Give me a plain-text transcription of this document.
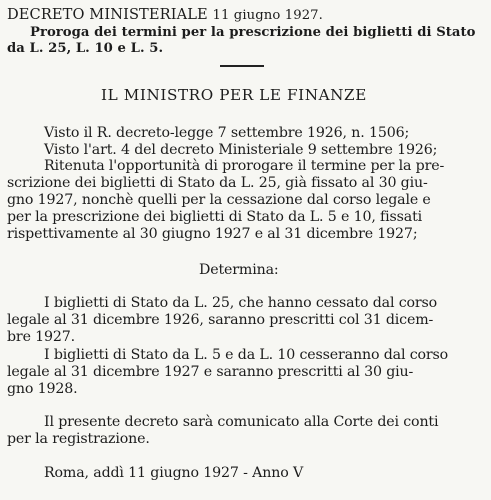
DECRETO MINISTERIALE 11 giugno 1927.
Proroga dei termini per la prescrizione dei biglietti di Stato
da L. 25, L. 10 e L. 5.
IL MINISTRO PER LE FINANZE
Visto il R. decreto-legge 7 settembre 1926, n. 1506;
Visto l'art. 4 del decreto Ministeriale 9 settembre 1926;
Ritenuta l'opportunità di prorogare il termine per la pre-
scrizione dei biglietti di Stato da L. 25, già fissato al 30 giu-
gno 1927, nonchè quelli per la cessazione dal corso legale e
per la prescrizione dei biglietti di Stato da L. 5 e 10, fissati
rispettivamente al 30 giugno 1927 e al 31 dicembre 1927;
Determina:
I biglietti di Stato da L. 25, che hanno cessato dal corso
legale al 31 dicembre 1926, saranno prescritti col 31 dicem-
bre 1927.
I biglietti di Stato da L. 5 e da L. 10 cesseranno dal corso
legale al 31 dicembre 1927 e saranno prescritti al 30 giu-
gno 1928.
Il presente decreto sarà comunicato alla Corte dei conti
per la registrazione.
Roma, addì 11 giugno 1927 - Anno V
